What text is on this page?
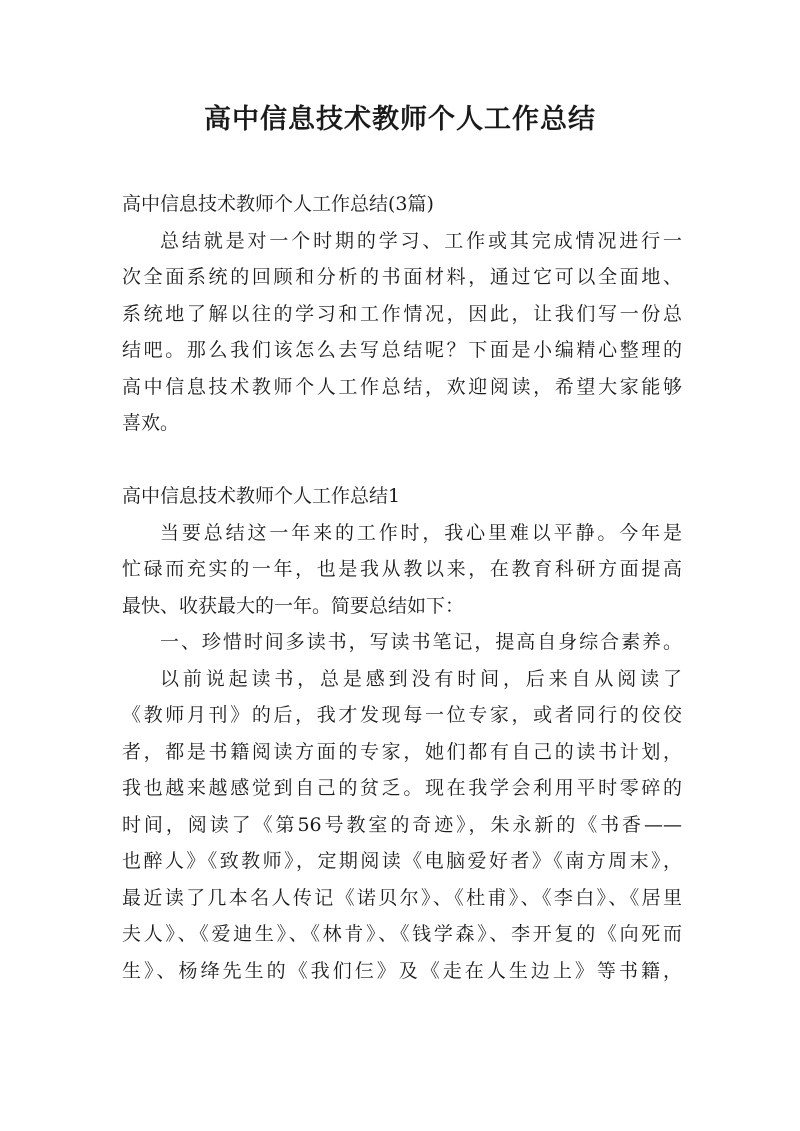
高中信息技术教师个人工作总结
高中信息技术教师个人工作总结(3篇)
总结就是对一个时期的学习、工作或其完成情况进行一
次全面系统的回顾和分析的书面材料，通过它可以全面地、
系统地了解以往的学习和工作情况，因此，让我们写一份总
结吧。那么我们该怎么去写总结呢？下面是小编精心整理的
高中信息技术教师个人工作总结，欢迎阅读，希望大家能够
喜欢。
高中信息技术教师个人工作总结1
当要总结这一年来的工作时，我心里难以平静。今年是
忙碌而充实的一年，也是我从教以来，在教育科研方面提高
最快、收获最大的一年。简要总结如下：
一、珍惜时间多读书，写读书笔记，提高自身综合素养。
以前说起读书，总是感到没有时间，后来自从阅读了
《教师月刊》的后，我才发现每一位专家，或者同行的佼佼
者，都是书籍阅读方面的专家，她们都有自己的读书计划，
我也越来越感觉到自己的贫乏。现在我学会利用平时零碎的
时间，阅读了《第56号教室的奇迹》，朱永新的《书香——
也醉人》《致教师》，定期阅读《电脑爱好者》《南方周末》，
最近读了几本名人传记《诺贝尔》、《杜甫》、《李白》、《居里
夫人》、《爱迪生》、《林肯》、《钱学森》、李开复的《向死而
生》、杨绛先生的《我们仨》及《走在人生边上》等书籍，
